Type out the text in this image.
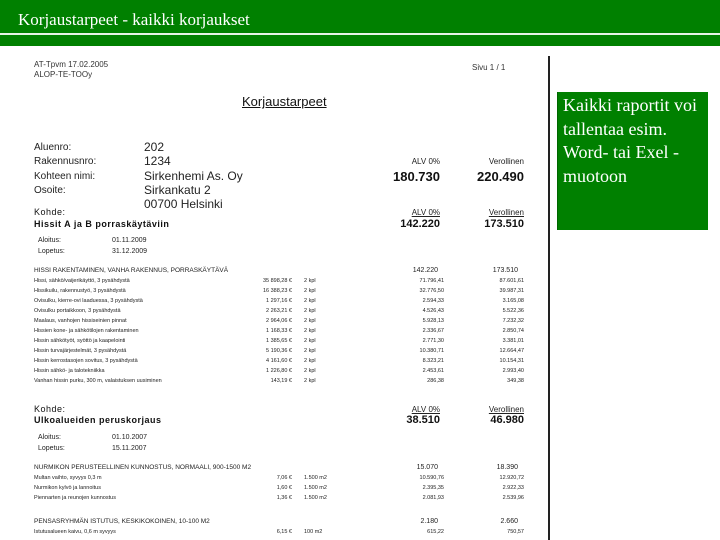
Korjaustarpeet - kaikki korjaukset
AT-Tpvm 17.02.2005
ALOP-TE-TOOy
Sivu 1 / 1
Korjaustarpeet
Aluenro:	202
Rakennusnro:	1234
Kohteen nimi:	Sirkenhemi As. Oy
Osoite:	Sirkankatu 2
00700 Helsinki
ALV 0%	Verollinen
180.730	220.490
Kohde:
Hissit A ja B porraskäytäviin
ALV 0%	Verollinen
142.220	173.510
Aloitus:	01.11.2009
Lopetus:	31.12.2009
HISSI RAKENTAMINEN, VANHA RAKENNUS, PORRASKÄYTÄVÄ	142.220	173.510
Hissi, sähkö/vaijerikäyttö, 3 pysähdystä	35 898,28 € 2 kpl	71.796,41	87.601,61
Hissikuilu, rakennustyö, 3 pysähdystä	16 388,23 € 2 kpl	32.776,50	39.987,31
Ovisulku, kierre-ovi laaduessa, 3 pysähdystä	1 297,16 € 2 kpl	2.594,33	3.165,08
Ovisulku portaikkoon, 3 pysähdystä	2 263,21 € 2 kpl	4.526,43	5.522,36
Maalaus, vanhojen hissiseinien pinnat	2 964,06 € 2 kpl	5.928,13	7.232,32
Hissien kone- ja sähkötilojen rakentaminen	1 168,33 € 2 kpl	2.336,67	2.850,74
Hissin sähkötyöt, syöttö ja kaapelointi	1 385,65 € 2 kpl	2.771,30	3.381,01
Hissin turvajärjestelmät, 3 pysähdystä	5 190,36 € 2 kpl	10.380,71	12.664,47
Hissin kerrostasojen sovitus, 3 pysähdystä	4 161,60 € 2 kpl	8.323,21	10.154,31
Hissin sähkö- ja talotekniikka	1 226,80 € 2 kpl	2.453,61	2.993,40
Vanhan hissin purku, 300 m, valaistuksen uusiminen	143,19 € 2 kpl	286,38	349,38
Kohde:
Ulkoalueiden peruskorjaus
ALV 0%	Verollinen
38.510	46.980
Aloitus:	01.10.2007
Lopetus:	15.11.2007
NURMIKON PERUSTEELLINEN KUNNOSTUS, NORMAALI, 900-1500 M2	15.070	18.390
Multan vaihto, syvyys 0,3 m	7,06 € 1.500 m2	10.590,76	12.920,72
Nurmikon kylvö ja lannoitus	1,60 € 1.500 m2	2.395,35	2.922,33
Piennarten ja reunojen kunnostus	1,36 € 1.500 m2	2.081,93	2.539,96
PENSASRYHMÄN ISTUTUS, KESKIKOKOINEN, 10-100 M2	2.180	2.660
Istutusalueen kaivu, 0,6 m syvyys	6,15 € 100 m2	615,22	750,57
Kaikki raportit voi tallentaa esim. Word- tai Exel -muotoon
